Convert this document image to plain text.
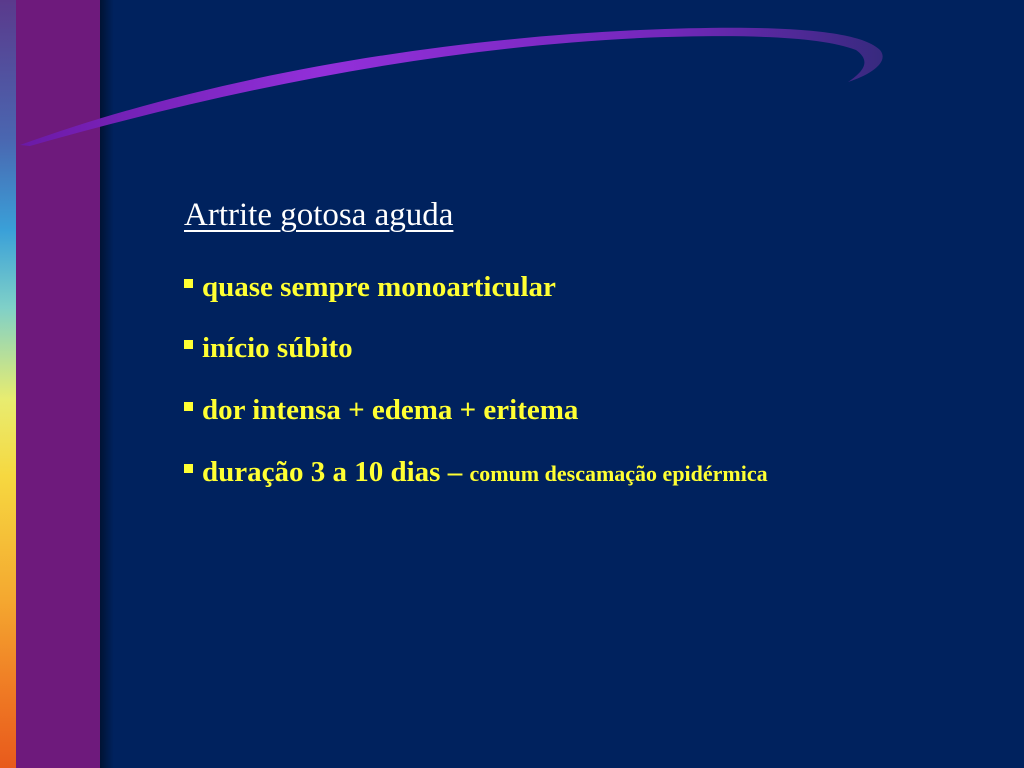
Artrite gotosa aguda
quase sempre monoarticular
início súbito
dor intensa + edema + eritema
duração 3 a 10 dias – comum descamação epidérmica
